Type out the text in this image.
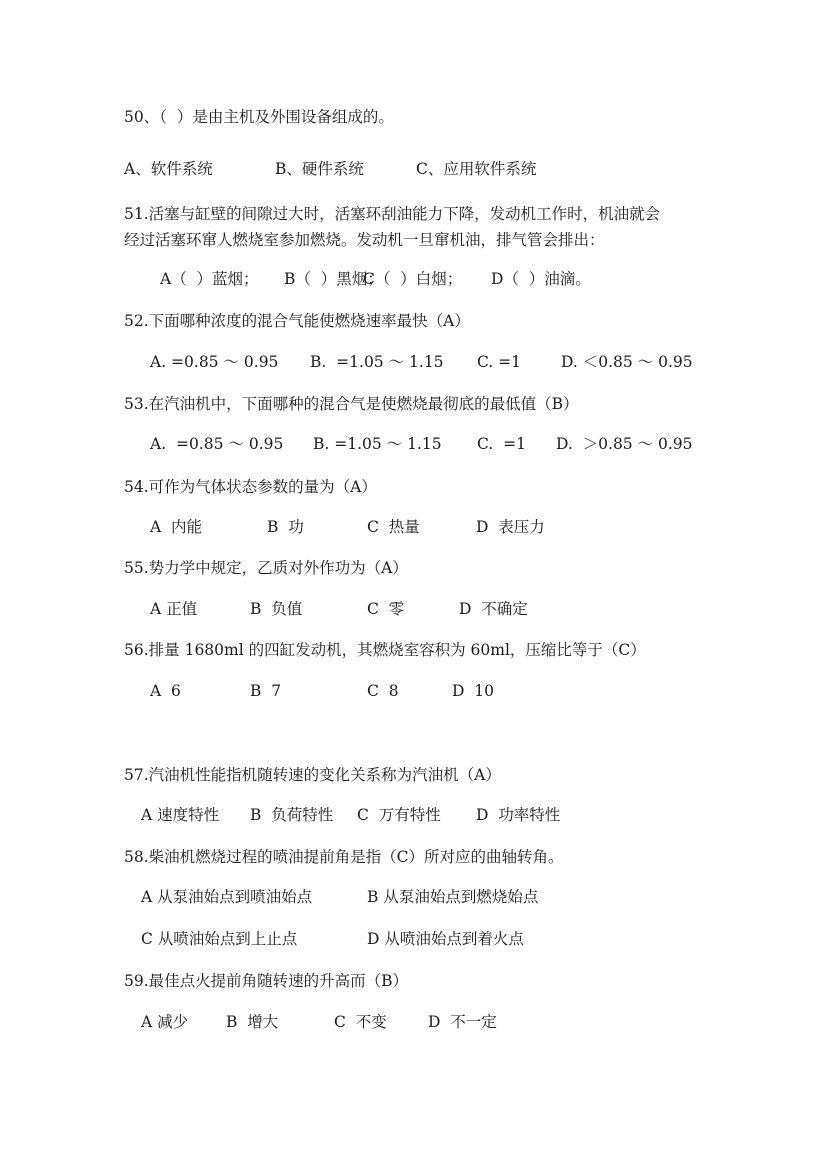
50、（  ）是由主机及外围设备组成的。
A、软件系统	B、硬件系统	C、应用软件系统
51.活塞与缸壁的间隙过大时，活塞环刮油能力下降，发动机工作时，机油就会
经过活塞环窜人燃烧室参加燃烧。发动机一旦窜机油，排气管会排出：
A（  ）蓝烟； B（  ）黑烟；
C（  ）白烟； D（  ）油滴。
52.下面哪种浓度的混合气能使燃烧速率最快（A）
A. =0.85 ～ 0.95 B.  =1.05 ～ 1.15 C. =1	D. ＜0.85 ～ 0.95
53.在汽油机中，下面哪种的混合气是使燃烧最彻底的最低值（B）
A.  =0.85 ～ 0.95 B. =1.05 ～ 1.15 C.  =1 D.  ＞0.85 ～ 0.95
54.可作为气体状态参数的量为（A）
A  内能	B  功	C  热量	D  表压力
55.势力学中规定，乙质对外作功为（A）
A 正值	B  负值	C  零	D  不确定
56.排量 1680ml 的四缸发动机，其燃烧室容积为 60ml，压缩比等于（C）
A  6	B  7	C  8	D  10
57.汽油机性能指机随转速的变化关系称为汽油机（A）
A 速度特性 B  负荷特性 C  万有特性 D  功率特性
58.柴油机燃烧过程的喷油提前角是指（C）所对应的曲轴转角。
A 从泵油始点到喷油始点	B 从泵油始点到燃烧始点
C 从喷油始点到上止点	D 从喷油始点到着火点
59.最佳点火提前角随转速的升高而（B）
A 减少 B  增大	C  不变	D  不一定
